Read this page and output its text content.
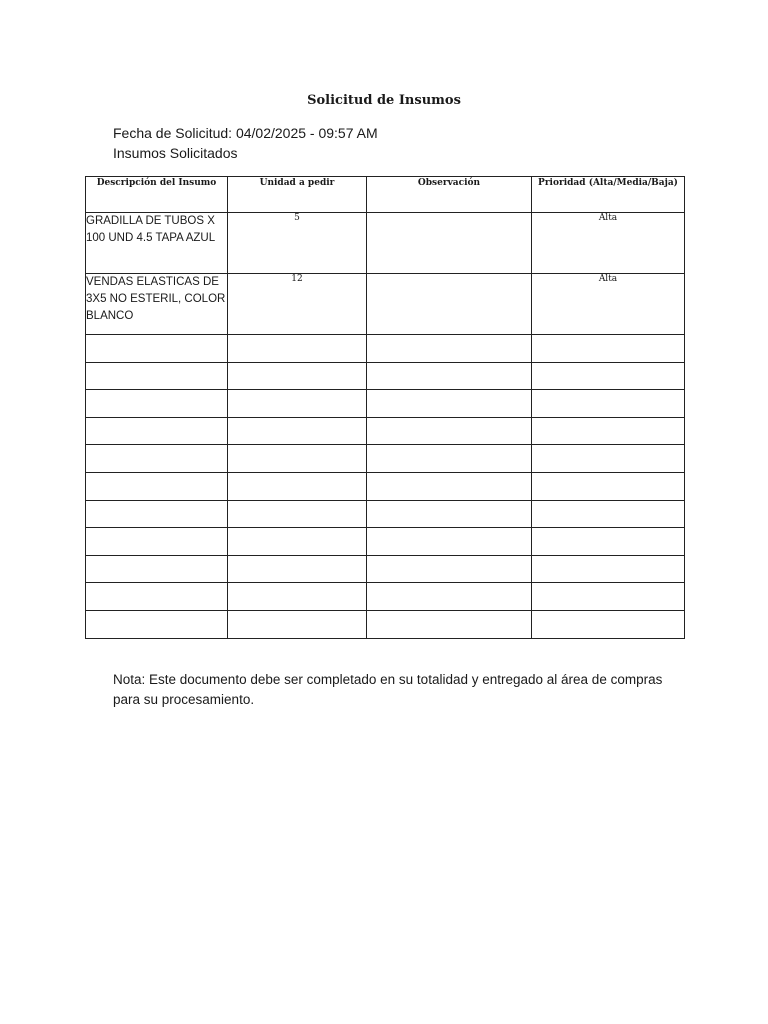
Solicitud de Insumos
Fecha de Solicitud: 04/02/2025 - 09:57 AM
Insumos Solicitados
Descripción del Insumo	Unidad a pedir	Observación	Prioridad (Alta/Media/Baja)
GRADILLA DE TUBOS X 100 UND 4.5 TAPA AZUL	5		Alta
VENDAS ELASTICAS DE 3X5 NO ESTERIL, COLOR BLANCO	12		Alta

Nota: Este documento debe ser completado en su totalidad y entregado al área de compras para su procesamiento.
